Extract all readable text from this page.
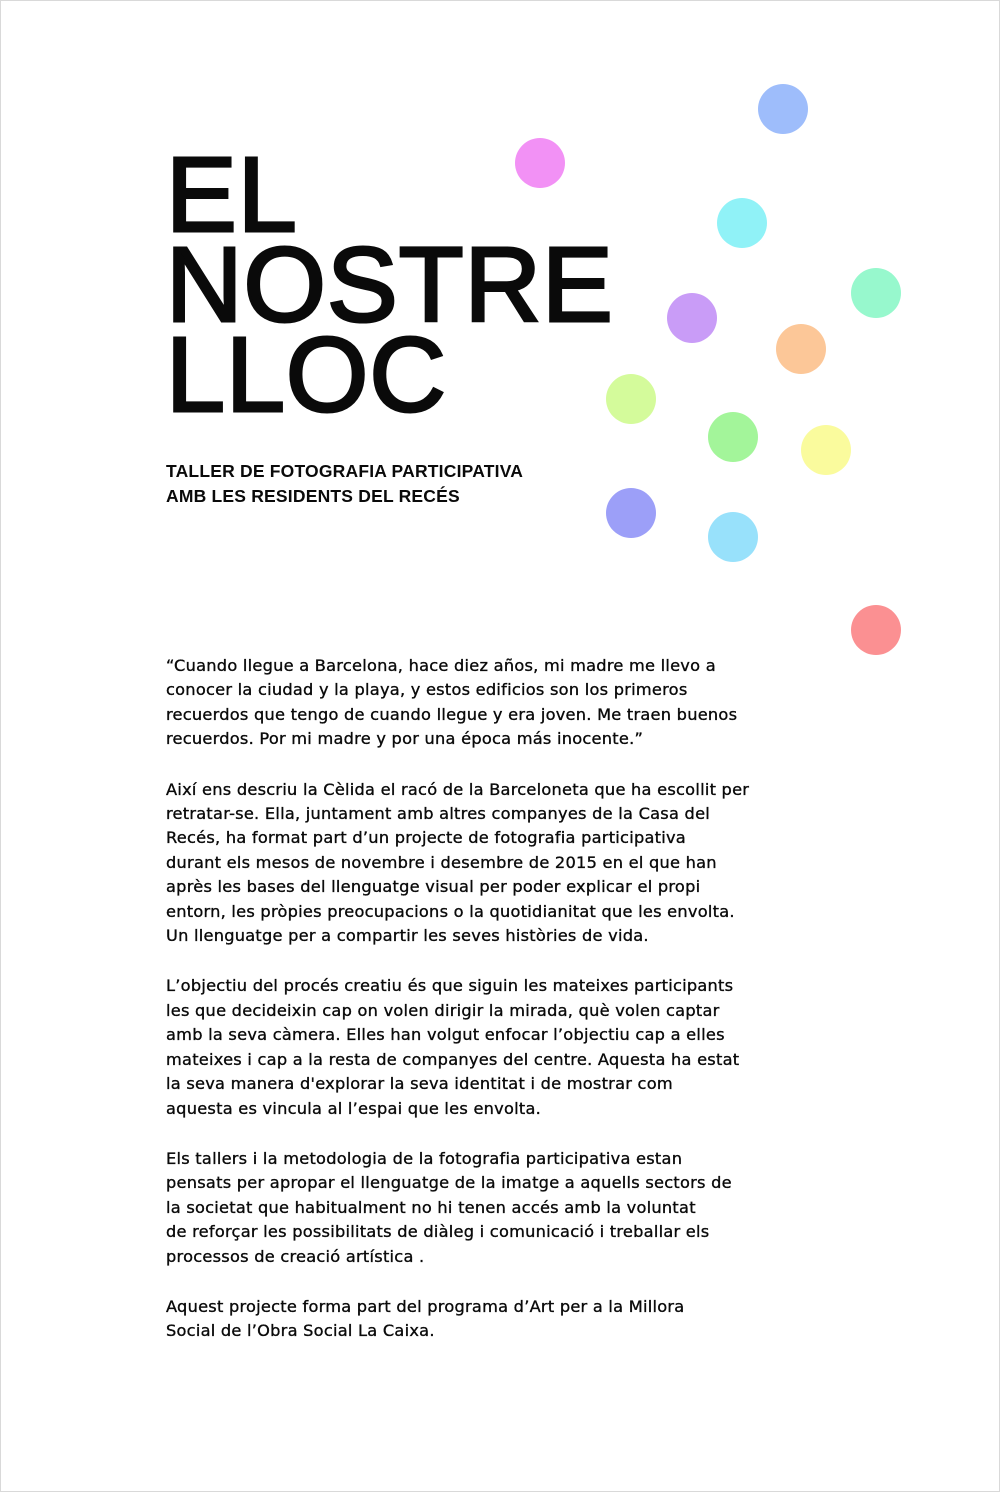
EL
NOSTRE
LLOC
TALLER DE FOTOGRAFIA PARTICIPATIVA
AMB LES RESIDENTS DEL RECÉS

“Cuando llegue a Barcelona, hace diez años, mi madre me llevo a
conocer la ciudad y la playa, y estos edificios son los primeros
recuerdos que tengo de cuando llegue y era joven. Me traen buenos
recuerdos. Por mi madre y por una época más inocente.”

Així ens descriu la Cèlida el racó de la Barceloneta que ha escollit per
retratar-se. Ella, juntament amb altres companyes de la Casa del
Recés, ha format part d’un projecte de fotografia participativa
durant els mesos de novembre i desembre de 2015 en el que han
après les bases del llenguatge visual per poder explicar el propi
entorn, les pròpies preocupacions o la quotidianitat que les envolta.
Un llenguatge per a compartir les seves històries de vida.

L’objectiu del procés creatiu és que siguin les mateixes participants
les que decideixin cap on volen dirigir la mirada, què volen captar
amb la seva càmera. Elles han volgut enfocar l’objectiu cap a elles
mateixes i cap a la resta de companyes del centre. Aquesta ha estat
la seva manera d'explorar la seva identitat i de mostrar com
aquesta es vincula al l’espai que les envolta.

Els tallers i la metodologia de la fotografia participativa estan
pensats per apropar el llenguatge de la imatge a aquells sectors de
la societat que habitualment no hi tenen accés amb la voluntat
de reforçar les possibilitats de diàleg i comunicació i treballar els
processos de creació artística .

Aquest projecte forma part del programa d’Art per a la Millora
Social de l’Obra Social La Caixa.
